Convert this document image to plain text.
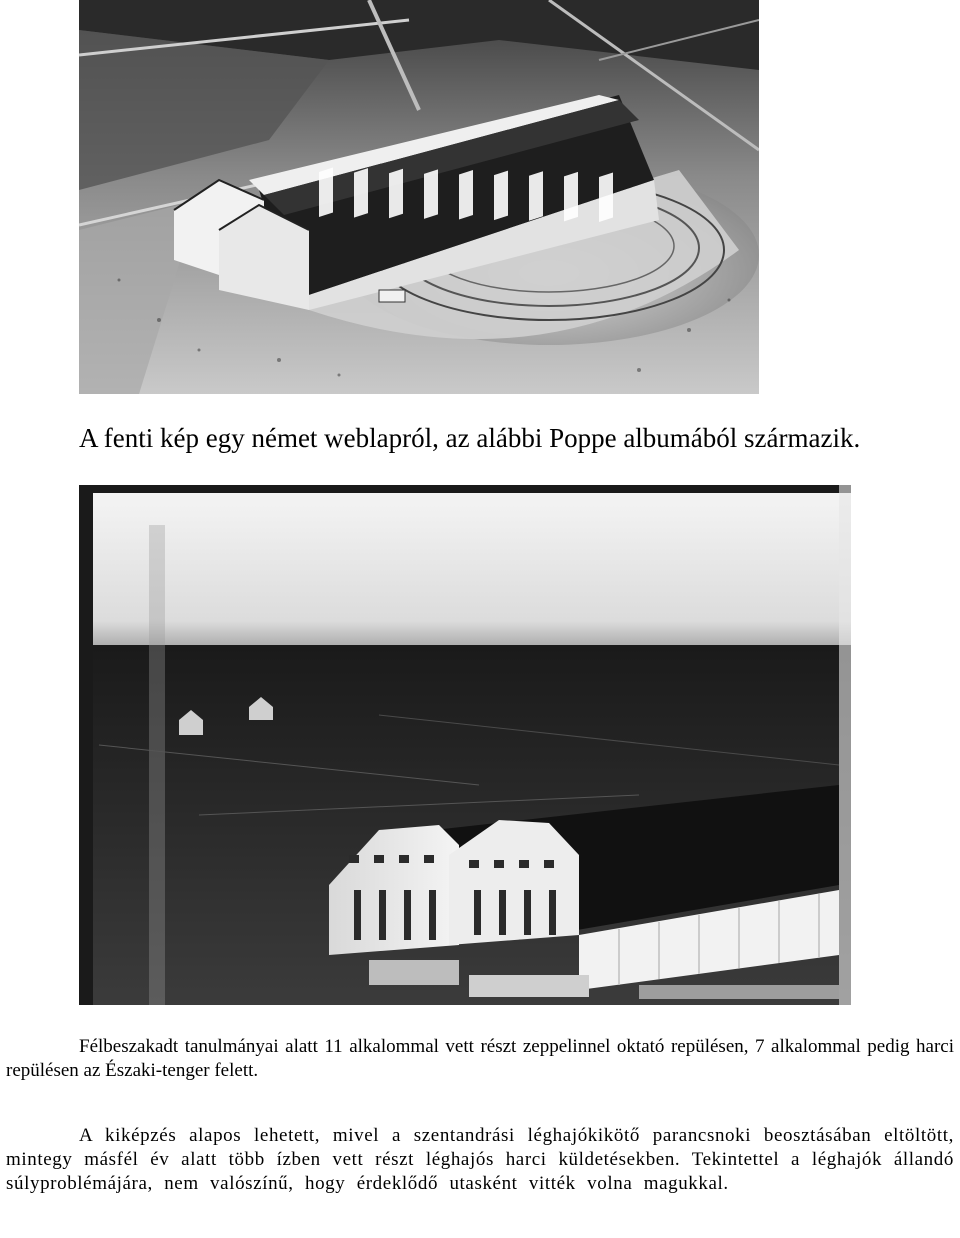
A fenti kép egy német weblapról, az alábbi Poppe albumából származik.

Félbeszakadt tanulmányai alatt 11 alkalommal vett részt zeppelinnel oktató repülésen, 7 alkalommal pedig harci repülésen az Északi-tenger felett.

A kiképzés alapos lehetett, mivel a szentandrási léghajókikötő parancsnoki beosztásában eltöltött, mintegy másfél év alatt több ízben vett részt léghajós harci küldetésekben. Tekintettel a léghajók állandó súlyproblémájára, nem valószínű, hogy érdeklődő utasként vitték volna magukkal.
